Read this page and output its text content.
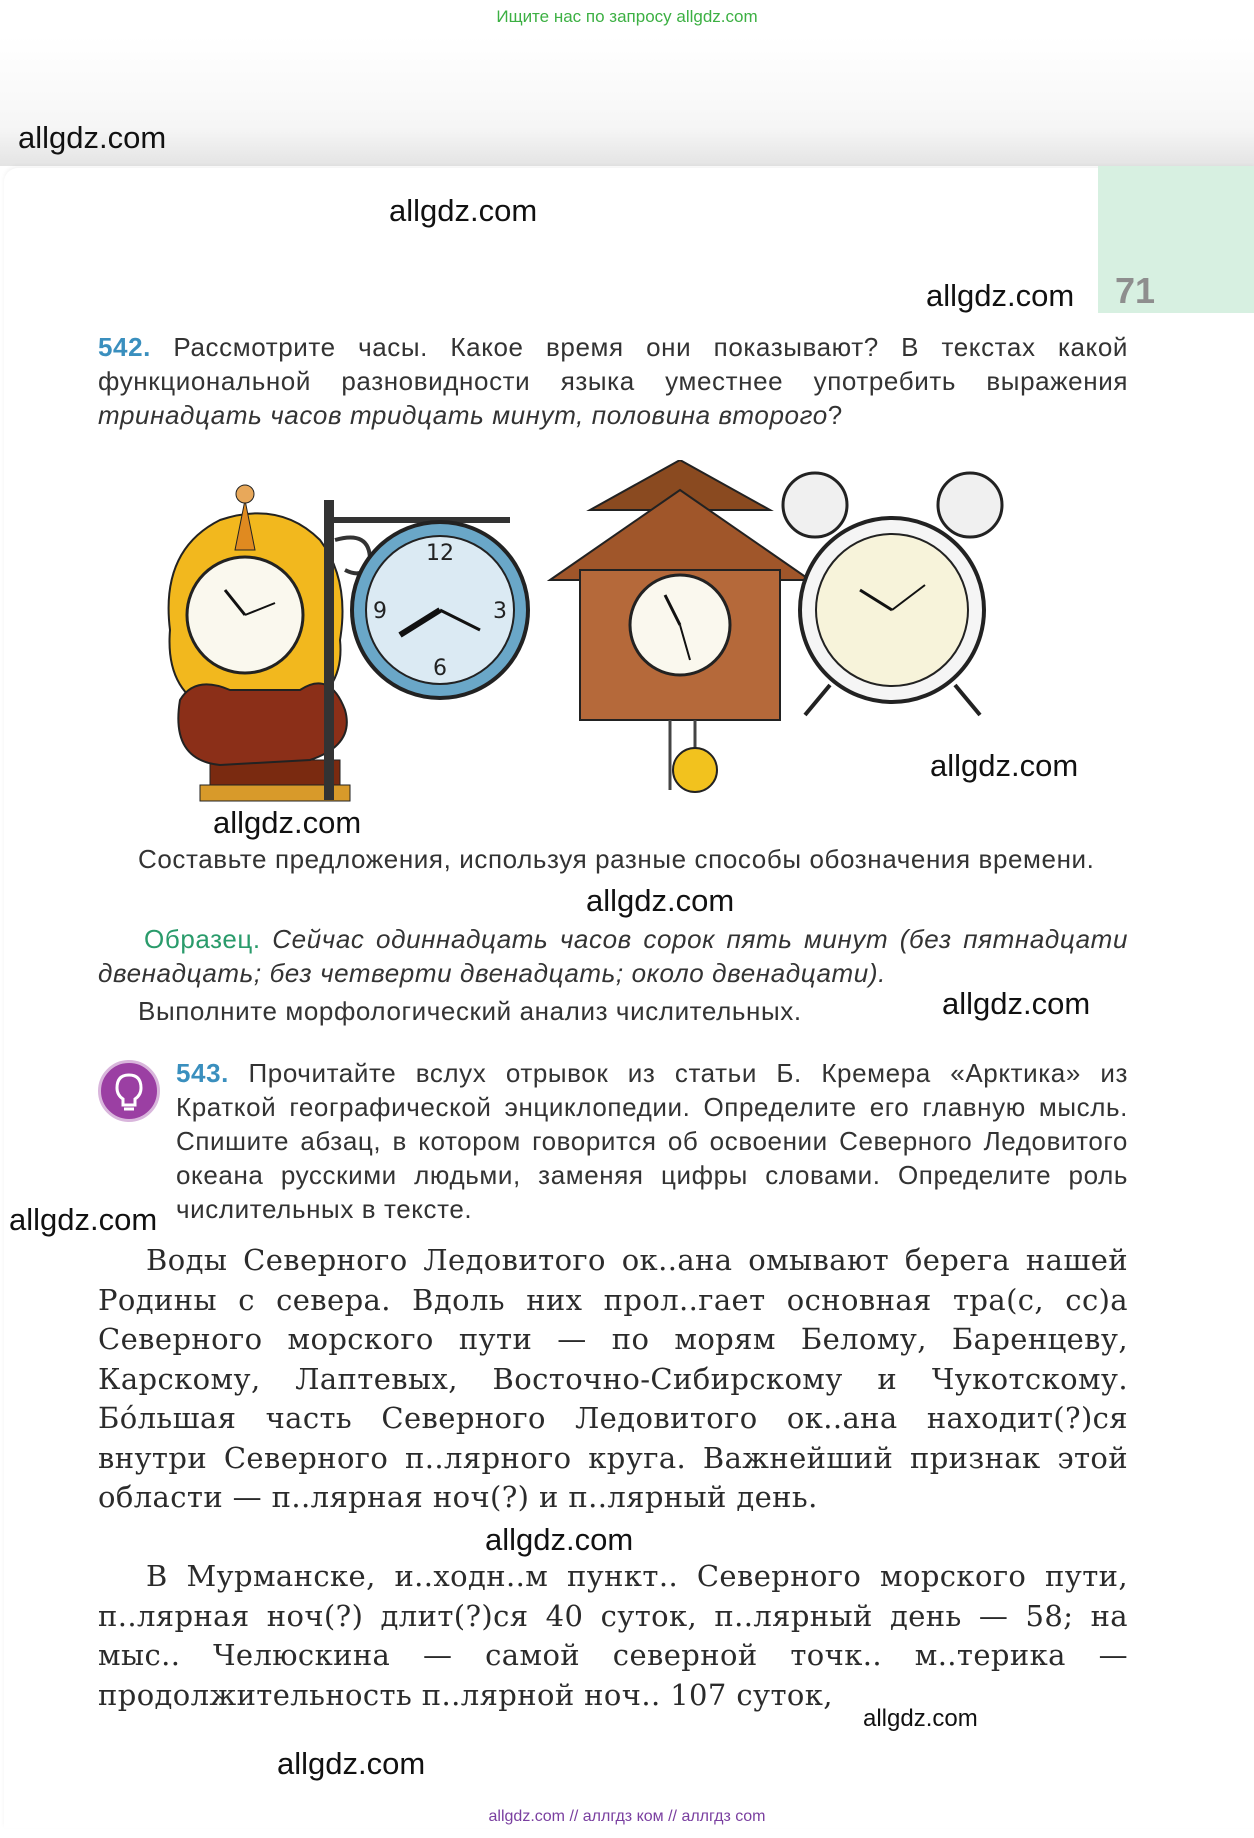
Ищите нас по запросу allgdz.com
71
542. Рассмотрите часы. Какое время они показывают? В текстах какой функциональной разновидности языка уместнее употребить выражения тринадцать часов тридцать минут, половина второго?
12
3
6
9
Составьте предложения, используя разные способы обозначения времени.
Образец. Сейчас одиннадцать часов сорок пять минут (без пятнадцати двенадцать; без четверти двенадцать; около двенадцати).
Выполните морфологический анализ числительных.
543. Прочитайте вслух отрывок из статьи Б. Кремера «Арктика» из Краткой географической энциклопедии. Определите его главную мысль. Спишите абзац, в котором говорится об освоении Северного Ледовитого океана русскими людьми, заменяя цифры словами. Определите роль числительных в тексте.
Воды Северного Ледовитого ок..ана омывают берега нашей Родины с севера. Вдоль них прол..гает основная тра(с, сс)а Северного морского пути — по морям Белому, Баренцеву, Карскому, Лаптевых, Восточно-Сибирскому и Чукотскому. Бо́льшая часть Северного Ледовитого ок..ана находит(?)ся внутри Северного п..лярного круга. Важнейший признак этой области — п..лярная ноч(?) и п..лярный день.
В Мурманске, и..ходн..м пункт.. Северного морского пути, п..лярная ноч(?) длит(?)ся 40 суток, п..лярный день — 58; на мыс.. Челюскина — самой северной точк.. м..терика — продолжительность п..лярной ноч.. 107 суток,
allgdz.com
allgdz.com
allgdz.com
allgdz.com
allgdz.com
allgdz.com
allgdz.com
allgdz.com
allgdz.com
allgdz.com
allgdz.com
allgdz.com // аллгдз ком // аллгдз com
